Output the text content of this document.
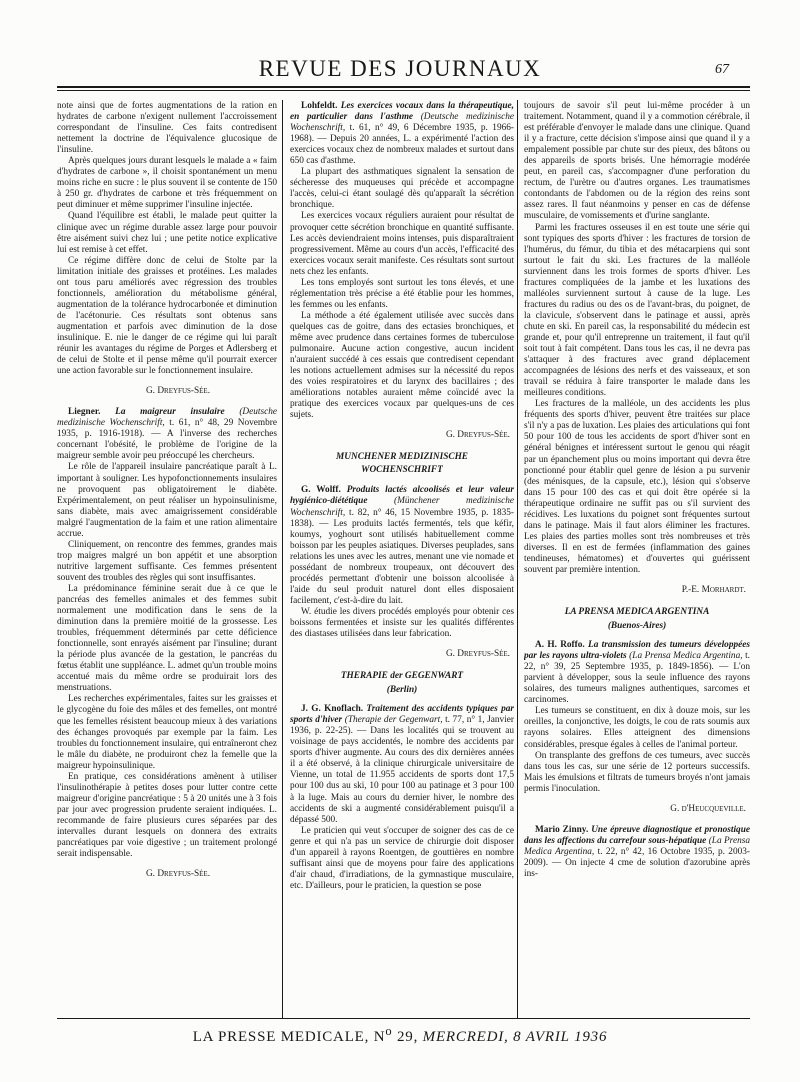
REVUE DES JOURNAUX	67

note ainsi que de fortes augmentations de la ration en hydrates de carbone n'exigent nullement l'accroissement correspondant de l'insuline. Ces faits contredisent nettement la doctrine de l'équivalence glucosique de l'insuline.

Après quelques jours durant lesquels le malade a « faim d'hydrates de carbone », il choisit spontanément un menu moins riche en sucre : le plus souvent il se contente de 150 à 250 gr. d'hydrates de carbone et très fréquemment on peut diminuer et même supprimer l'insuline injectée.

Quand l'équilibre est établi, le malade peut quitter la clinique avec un régime durable assez large pour pouvoir être aisément suivi chez lui ; une petite notice explicative lui est remise à cet effet.

Ce régime diffère donc de celui de Stolte par la limitation initiale des graisses et protéines. Les malades ont tous paru améliorés avec régression des troubles fonctionnels, amélioration du métabolisme général, augmentation de la tolérance hydrocarbonée et diminution de l'acétonurie. Ces résultats sont obtenus sans augmentation et parfois avec diminution de la dose insulinique. E. nie le danger de ce régime qui lui paraît réunir les avantages du régime de Porges et Adlersberg et de celui de Stolte et il pense même qu'il pourrait exercer une action favorable sur le fonctionnement insulaire.

G. Dreyfus-Sée.

Liegner. La maigreur insulaire (Deutsche medizinische Wochenschrift, t. 61, n° 48, 29 Novembre 1935, p. 1916-1918). — A l'inverse des recherches concernant l'obésité, le problème de l'origine de la maigreur semble avoir peu préoccupé les chercheurs.

Le rôle de l'appareil insulaire pancréatique paraît à L. important à souligner. Les hypofonctionnements insulaires ne provoquent pas obligatoirement le diabète. Expérimentalement, on peut réaliser un hypoinsulinisme, sans diabète, mais avec amaigrissement considérable malgré l'augmentation de la faim et une ration alimentaire accrue.

Cliniquement, on rencontre des femmes, grandes mais trop maigres malgré un bon appétit et une absorption nutritive largement suffisante. Ces femmes présentent souvent des troubles des règles qui sont insuffisantes.

La prédominance féminine serait due à ce que le pancréas des femelles animales et des femmes subit normalement une modification dans le sens de la diminution dans la première moitié de la grossesse. Les troubles, fréquemment déterminés par cette déficience fonctionnelle, sont enrayés aisément par l'insuline; durant la période plus avancée de la gestation, le pancréas du fœtus établit une suppléance. L. admet qu'un trouble moins accentué mais du même ordre se produirait lors des menstruations.

Les recherches expérimentales, faites sur les graisses et le glycogène du foie des mâles et des femelles, ont montré que les femelles résistent beaucoup mieux à des variations des échanges provoqués par exemple par la faim. Les troubles du fonctionnement insulaire, qui entraîneront chez le mâle du diabète, ne produiront chez la femelle que la maigreur hypoinsulinique.

En pratique, ces considérations amènent à utiliser l'insulinothérapie à petites doses pour lutter contre cette maigreur d'origine pancréatique : 5 à 20 unités une à 3 fois par jour avec progression prudente seraient indiquées. L. recommande de faire plusieurs cures séparées par des intervalles durant lesquels on donnera des extraits pancréatiques par voie digestive ; un traitement prolongé serait indispensable.

G. Dreyfus-Sée.

Lohfeldt. Les exercices vocaux dans la thérapeutique, en particulier dans l'asthme (Deutsche medizinische Wochenschrift, t. 61, n° 49, 6 Décembre 1935, p. 1966-1968). — Depuis 20 années, L. a expérimenté l'action des exercices vocaux chez de nombreux malades et surtout dans 650 cas d'asthme.

La plupart des asthmatiques signalent la sensation de sécheresse des muqueuses qui précède et accompagne l'accès, celui-ci étant soulagé dès qu'apparaît la sécrétion bronchique.

Les exercices vocaux réguliers auraient pour résultat de provoquer cette sécrétion bronchique en quantité suffisante. Les accès deviendraient moins intenses, puis disparaîtraient progressivement. Même au cours d'un accès, l'efficacité des exercices vocaux serait manifeste. Ces résultats sont surtout nets chez les enfants.

Les tons employés sont surtout les tons élevés, et une réglementation très précise a été établie pour les hommes, les femmes ou les enfants.

La méthode a été également utilisée avec succès dans quelques cas de goitre, dans des ectasies bronchiques, et même avec prudence dans certaines formes de tuberculose pulmonaire. Aucune action congestive, aucun incident n'auraient succédé à ces essais que contredisent cependant les notions actuellement admises sur la nécessité du repos des voies respiratoires et du larynx des bacillaires ; des améliorations notables auraient même coïncidé avec la pratique des exercices vocaux par quelques-uns de ces sujets.

G. Dreyfus-Sée.

MUNCHENER MEDIZINISCHE
WOCHENSCHRIFT

G. Wolff. Produits lactés alcoolisés et leur valeur hygiénico-diététique	(Münchener medizinische Wochenschrift, t. 82, n° 46, 15 Novembre 1935, p. 1835-1838). — Les produits lactés fermentés, tels que kéfir, koumys, yoghourt sont utilisés habituellement comme boisson par les peuples asiatiques. Diverses peuplades, sans relations les unes avec les autres, menant une vie nomade et possédant de nombreux troupeaux, ont découvert des procédés permettant d'obtenir une boisson alcoolisée à l'aide du seul produit naturel dont elles disposaient facilement, c'est-à-dire du lait.

W. étudie les divers procédés employés pour obtenir ces boissons fermentées et insiste sur les qualités différentes des diastases utilisées dans leur fabrication.

G. Dreyfus-Sée.

THERAPIE der GEGENWART

(Berlin)

J. G. Knoflach. Traitement des accidents typiques par sports d'hiver (Therapie der Gegenwart, t. 77, n° 1, Janvier 1936, p. 22-25). — Dans les localités qui se trouvent au voisinage de pays accidentés, le nombre des accidents par sports d'hiver augmente. Au cours des dix dernières années il a été observé, à la clinique chirurgicale universitaire de Vienne, un total de 11.955 accidents de sports dont 17,5 pour 100 dus au ski, 10 pour 100 au patinage et 3 pour 100 à la luge. Mais au cours du dernier hiver, le nombre des accidents de ski a augmenté considérablement puisqu'il a dépassé 500.

Le praticien qui veut s'occuper de soigner des cas de ce genre et qui n'a pas un service de chirurgie doit disposer d'un appareil à rayons Roentgen, de gouttières en nombre suffisant ainsi que de moyens pour faire des applications d'air chaud, d'irradiations, de la gymnastique musculaire, etc. D'ailleurs, pour le praticien, la question se pose

toujours de savoir s'il peut lui-même procéder à un traitement. Notamment, quand il y a commotion cérébrale, il est préférable d'envoyer le malade dans une clinique. Quand il y a fracture, cette décision s'impose ainsi que quand il y a empalement possible par chute sur des pieux, des bâtons ou des appareils de sports brisés. Une hémorragie modérée peut, en pareil cas, s'accompagner d'une perforation du rectum, de l'urètre ou d'autres organes. Les traumatismes contondants de l'abdomen ou de la région des reins sont assez rares. Il faut néanmoins y penser en cas de défense musculaire, de vomissements et d'urine sanglante.

Parmi les fractures osseuses il en est toute une série qui sont typiques des sports d'hiver : les fractures de torsion de l'humérus, du fémur, du tibia et des métacarpiens qui sont surtout le fait du ski. Les fractures de la malléole surviennent dans les trois formes de sports d'hiver. Les fractures compliquées de la jambe et les luxations des malléoles surviennent surtout à cause de la luge. Les fractures du radius ou des os de l'avant-bras, du poignet, de la clavicule, s'observent dans le patinage et aussi, après chute en ski. En pareil cas, la responsabilité du médecin est grande et, pour qu'il entreprenne un traitement, il faut qu'il soit tout à fait compétent. Dans tous les cas, il ne devra pas s'attaquer à des fractures avec grand déplacement accompagnées de lésions des nerfs et des vaisseaux, et son travail se réduira à faire transporter le malade dans les meilleures conditions.

Les fractures de la malléole, un des accidents les plus fréquents des sports d'hiver, peuvent être traitées sur place s'il n'y a pas de luxation. Les plaies des articulations qui font 50 pour 100 de tous les accidents de sport d'hiver sont en général bénignes et intéressent surtout le genou qui réagit par un épanchement plus ou moins important qui devra être ponctionné pour établir quel genre de lésion a pu survenir (des ménisques, de la capsule, etc.), lésion qui s'observe dans 15 pour 100 des cas et qui doit être opérée si la thérapeutique ordinaire ne suffit pas ou s'il survient des récidives. Les luxations du poignet sont fréquentes surtout dans le patinage. Mais il faut alors éliminer les fractures. Les plaies des parties molles sont très nombreuses et très diverses. Il en est de fermées (inflammation des gaines tendineuses, hématomes) et d'ouvertes qui guérissent souvent par première intention.

P.-E. Morhardt.

LA PRENSA MEDICA ARGENTINA

(Buenos-Aires)

A. H. Roffo. La transmission des tumeurs développées par les rayons ultra-violets (La Prensa Medica Argentina, t. 22, n° 39, 25 Septembre 1935, p. 1849-1856). — L'on parvient à développer, sous la seule influence des rayons solaires, des tumeurs malignes authentiques, sarcomes et carcinomes.

Les tumeurs se constituent, en dix à douze mois, sur les oreilles, la conjonctive, les doigts, le cou de rats soumis aux rayons solaires. Elles atteignent des dimensions considérables, presque égales à celles de l'animal porteur.

On transplante des greffons de ces tumeurs, avec succès dans tous les cas, sur une série de 12 porteurs successifs. Mais les émulsions et filtrats de tumeurs broyés n'ont jamais permis l'inoculation.

G. d'Heucqueville.

Mario Zinny. Une épreuve diagnostique et pronostique dans les affections du carrefour sous-hépatique (La Prensa Medica Argentina, t. 22, n° 42, 16 Octobre 1935, p. 2003-2009). — On injecte 4 cme de solution d'azorubine après ins-

LA PRESSE MEDICALE, $N^o$ 29, MERCREDI, 8 AVRIL 1936
